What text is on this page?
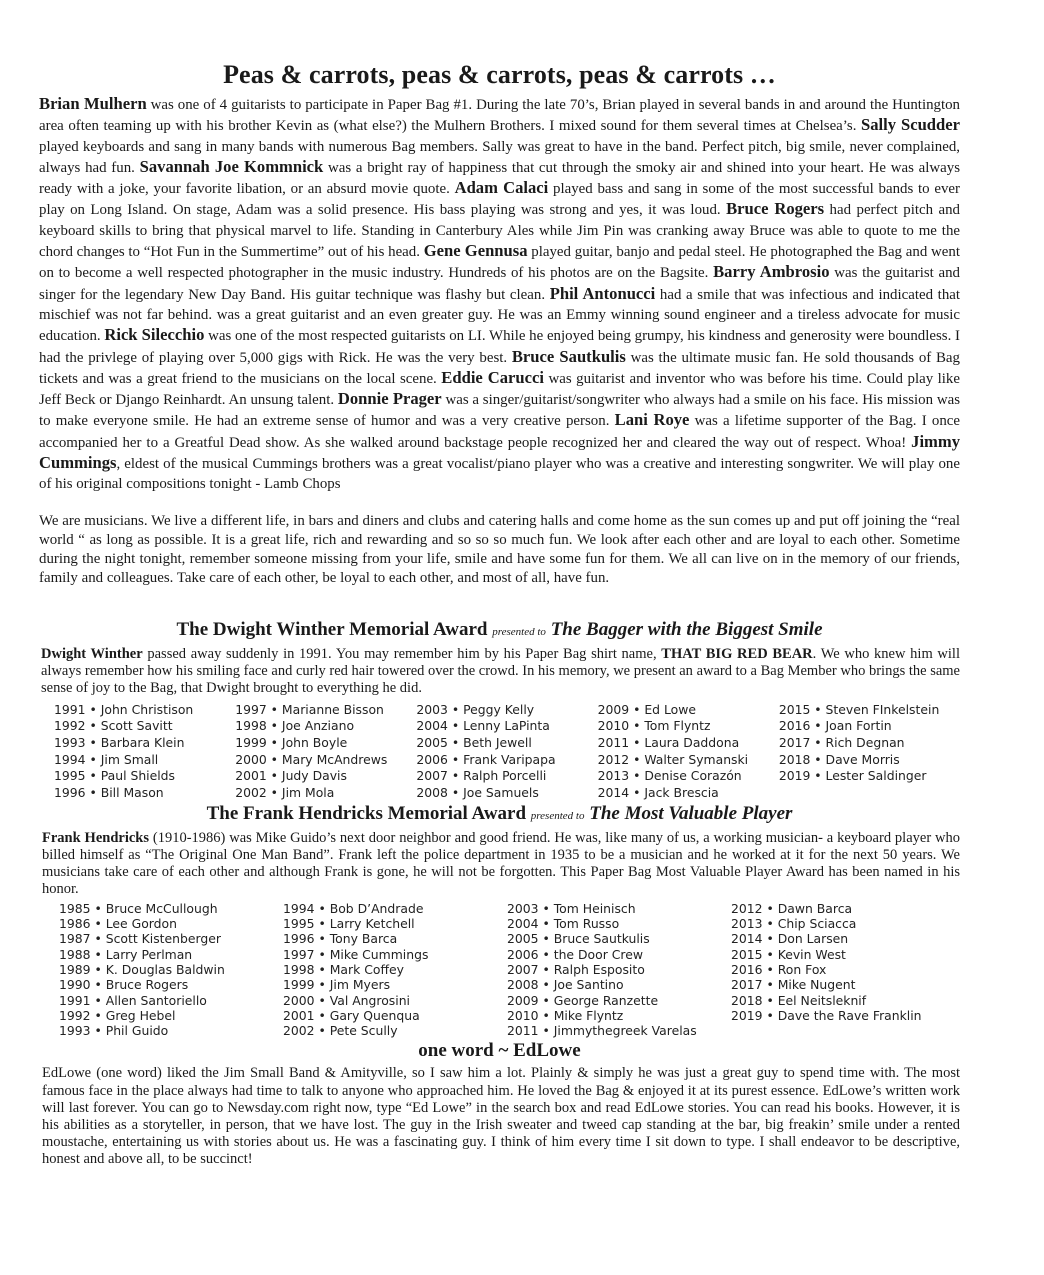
Peas & carrots, peas & carrots, peas & carrots …

Brian Mulhern was one of 4 guitarists to participate in Paper Bag #1. During the late 70’s, Brian played in several bands in and around the Huntington area often teaming up with his brother Kevin as (what else?) the Mulhern Brothers. I mixed sound for them several times at Chelsea’s. Sally Scudder played keyboards and sang in many bands with numerous Bag members. Sally was great to have in the band. Perfect pitch, big smile, never complained, always had fun. Savannah Joe Kommnick was a bright ray of happiness that cut through the smoky air and shined into your heart. He was always ready with a joke, your favorite libation, or an absurd movie quote. Adam Calaci played bass and sang in some of the most successful bands to ever play on Long Island. On stage, Adam was a solid presence. His bass playing was strong and yes, it was loud. Bruce Rogers had perfect pitch and keyboard skills to bring that physical marvel to life. Standing in Canterbury Ales while Jim Pin was cranking away Bruce was able to quote to me the chord changes to “Hot Fun in the Summertime” out of his head. Gene Gennusa played guitar, banjo and pedal steel. He photographed the Bag and went on to become a well respected photographer in the music industry. Hundreds of his photos are on the Bagsite. Barry Ambrosio was the guitarist and singer for the legendary New Day Band. His guitar technique was flashy but clean. Phil Antonucci had a smile that was infectious and indicated that mischief was not far behind. was a great guitarist and an even greater guy. He was an Emmy winning sound engineer and a tireless advocate for music education. Rick Silecchio was one of the most respected guitarists on LI. While he enjoyed being grumpy, his kindness and generosity were boundless. I had the privlege of playing over 5,000 gigs with Rick. He was the very best. Bruce Sautkulis was the ultimate music fan. He sold thousands of Bag tickets and was a great friend to the musicians on the local scene. Eddie Carucci was guitarist and inventor who was before his time. Could play like Jeff Beck or Django Reinhardt. An unsung talent. Donnie Prager was a singer/guitarist/songwriter who always had a smile on his face. His mission was to make everyone smile. He had an extreme sense of humor and was a very creative person. Lani Roye was a lifetime supporter of the Bag. I once accompanied her to a Greatful Dead show. As she walked around backstage people recognized her and cleared the way out of respect. Whoa! Jimmy Cummings, eldest of the musical Cummings brothers was a great vocalist/piano player who was a creative and interesting songwriter. We will play one of his original compositions tonight - Lamb Chops

We are musicians. We live a different life, in bars and diners and clubs and catering halls and come home as the sun comes up and put off joining the “real world “ as long as possible. It is a great life, rich and rewarding and so so so much fun. We look after each other and are loyal to each other. Sometime during the night tonight, remember someone missing from your life, smile and have some fun for them. We all can live on in the memory of our friends, family and colleagues. Take care of each other, be loyal to each other, and most of all, have fun.

The Dwight Winther Memorial Award presented to The Bagger with the Biggest Smile

Dwight Winther passed away suddenly in 1991. You may remember him by his Paper Bag shirt name, THAT BIG RED BEAR. We who knew him will always remember how his smiling face and curly red hair towered over the crowd. In his memory, we present an award to a Bag Member who brings the same sense of joy to the Bag, that Dwight brought to everything he did.

1991 • John Christison
1992 • Scott Savitt
1993 • Barbara Klein
1994 • Jim Small
1995 • Paul Shields
1996 • Bill Mason
1997 • Marianne Bisson
1998 • Joe Anziano
1999 • John Boyle
2000 • Mary McAndrews
2001 • Judy Davis
2002 • Jim Mola
2003 • Peggy Kelly
2004 • Lenny LaPinta
2005 • Beth Jewell
2006 • Frank Varipapa
2007 • Ralph Porcelli
2008 • Joe Samuels
2009 • Ed Lowe
2010 • Tom Flyntz
2011 • Laura Daddona
2012 • Walter Symanski
2013 • Denise Corazón
2014 • Jack Brescia
2015 • Steven FInkelstein
2016 • Joan Fortin
2017 • Rich Degnan
2018 • Dave Morris
2019 • Lester Saldinger
The Frank Hendricks Memorial Award presented to The Most Valuable Player

Frank Hendricks (1910-1986) was Mike Guido’s next door neighbor and good friend. He was, like many of us, a working musician- a keyboard player who billed himself as “The Original One Man Band”. Frank left the police department in 1935 to be a musician and he worked at it for the next 50 years. We musicians take care of each other and although Frank is gone, he will not be forgotten. This Paper Bag Most Valuable Player Award has been named in his honor.

1985 • Bruce McCullough
1986 • Lee Gordon
1987 • Scott Kistenberger
1988 • Larry Perlman
1989 • K. Douglas Baldwin
1990 • Bruce Rogers
1991 • Allen Santoriello
1992 • Greg Hebel
1993 • Phil Guido
1994 • Bob D’Andrade
1995 • Larry Ketchell
1996 • Tony Barca
1997 • Mike Cummings
1998 • Mark Coffey
1999 • Jim Myers
2000 • Val Angrosini
2001 • Gary Quenqua
2002 • Pete Scully
2003 • Tom Heinisch
2004 • Tom Russo
2005 • Bruce Sautkulis
2006 • the Door Crew
2007 • Ralph Esposito
2008 • Joe Santino
2009 • George Ranzette
2010 • Mike Flyntz
2011 • Jimmythegreek Varelas
2012 • Dawn Barca
2013 • Chip Sciacca
2014 • Don Larsen
2015 • Kevin West
2016 • Ron Fox
2017 • Mike Nugent
2018 • Eel Neitsleknif
2019 • Dave the Rave Franklin
one word ~ EdLowe

EdLowe (one word) liked the Jim Small Band & Amityville, so I saw him a lot. Plainly & simply he was just a great guy to spend time with. The most famous face in the place always had time to talk to anyone who approached him. He loved the Bag & enjoyed it at its purest essence. EdLowe’s written work will last forever. You can go to Newsday.com right now, type “Ed Lowe” in the search box and read EdLowe stories. You can read his books. However, it is his abilities as a storyteller, in person, that we have lost. The guy in the Irish sweater and tweed cap standing at the bar, big freakin’ smile under a rented moustache, entertaining us with stories about us. He was a fascinating guy. I think of him every time I sit down to type. I shall endeavor to be descriptive, honest and above all, to be succinct!
